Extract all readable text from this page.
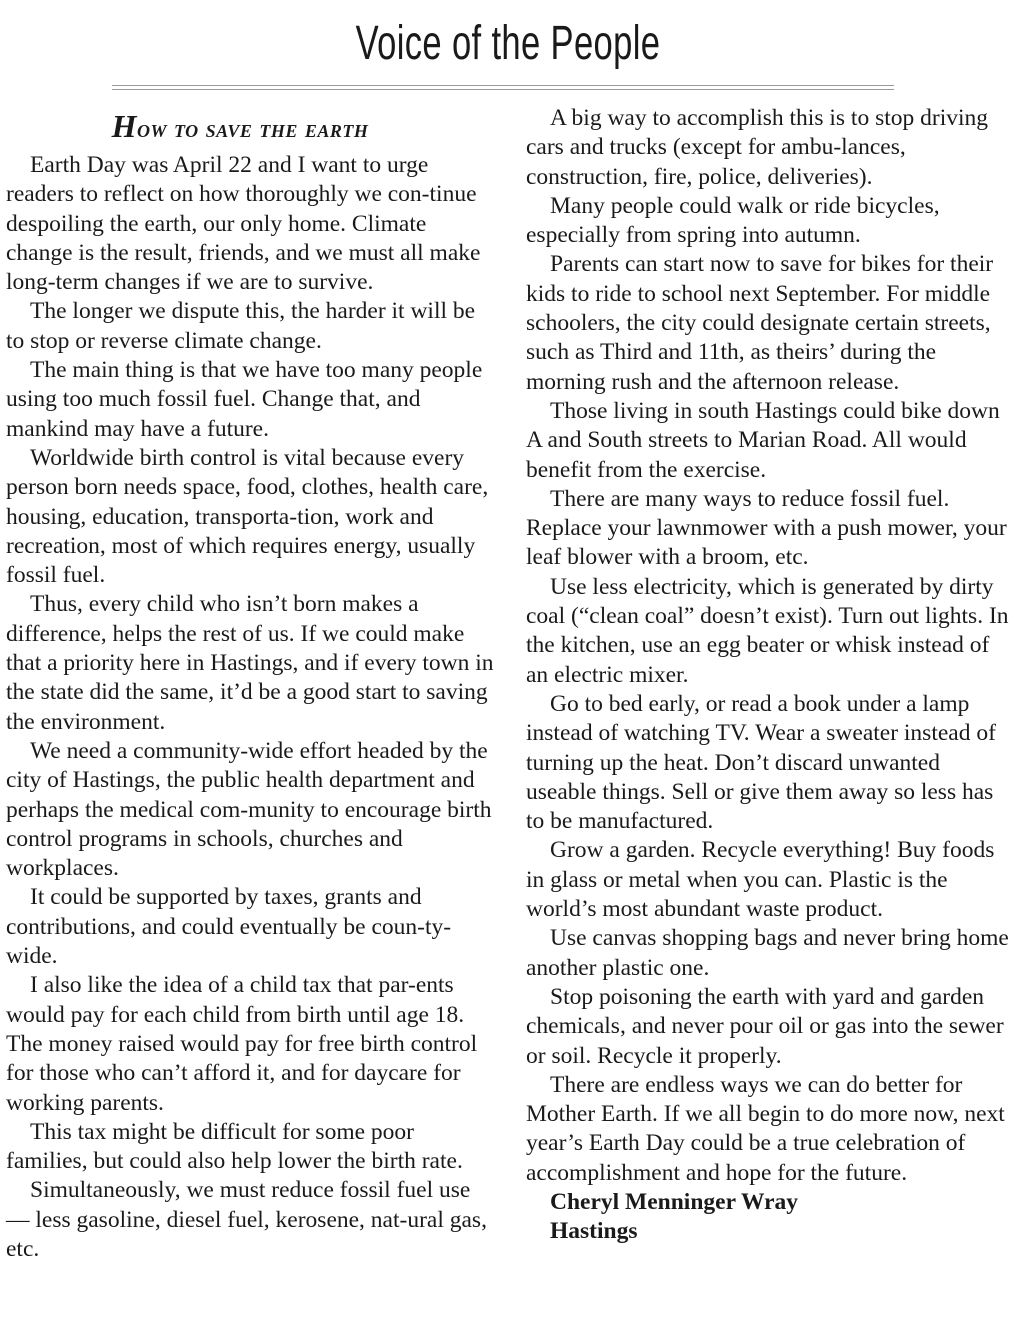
Voice of the People
How to save the earth

Earth Day was April 22 and I want to urge readers to reflect on how thoroughly we con-tinue despoiling the earth, our only home. Climate change is the result, friends, and we must all make long-term changes if we are to survive.

The longer we dispute this, the harder it will be to stop or reverse climate change.

The main thing is that we have too many people using too much fossil fuel. Change that, and mankind may have a future.

Worldwide birth control is vital because every person born needs space, food, clothes, health care, housing, education, transporta-tion, work and recreation, most of which requires energy, usually fossil fuel.

Thus, every child who isn’t born makes a difference, helps the rest of us. If we could make that a priority here in Hastings, and if every town in the state did the same, it’d be a good start to saving the environment.

We need a community-wide effort headed by the city of Hastings, the public health department and perhaps the medical com-munity to encourage birth control programs in schools, churches and workplaces.

It could be supported by taxes, grants and contributions, and could eventually be coun-ty-wide.

I also like the idea of a child tax that par-ents would pay for each child from birth until age 18. The money raised would pay for free birth control for those who can’t afford it, and for daycare for working parents.

This tax might be difficult for some poor families, but could also help lower the birth rate.

Simultaneously, we must reduce fossil fuel use — less gasoline, diesel fuel, kerosene, nat-ural gas, etc.

A big way to accomplish this is to stop driving cars and trucks (except for ambu-lances, construction, fire, police, deliveries).

Many people could walk or ride bicycles, especially from spring into autumn.

Parents can start now to save for bikes for their kids to ride to school next September. For middle schoolers, the city could designate certain streets, such as Third and 11th, as theirs’ during the morning rush and the afternoon release.

Those living in south Hastings could bike down A and South streets to Marian Road. All would benefit from the exercise.

There are many ways to reduce fossil fuel. Replace your lawnmower with a push mower, your leaf blower with a broom, etc.

Use less electricity, which is generated by dirty coal (“clean coal” doesn’t exist). Turn out lights. In the kitchen, use an egg beater or whisk instead of an electric mixer.

Go to bed early, or read a book under a lamp instead of watching TV. Wear a sweater instead of turning up the heat. Don’t discard unwanted useable things. Sell or give them away so less has to be manufactured.

Grow a garden. Recycle everything! Buy foods in glass or metal when you can. Plastic is the world’s most abundant waste product.

Use canvas shopping bags and never bring home another plastic one.

Stop poisoning the earth with yard and garden chemicals, and never pour oil or gas into the sewer or soil. Recycle it properly.

There are endless ways we can do better for Mother Earth. If we all begin to do more now, next year’s Earth Day could be a true celebration of accomplishment and hope for the future.

Cheryl Menninger Wray
Hastings
